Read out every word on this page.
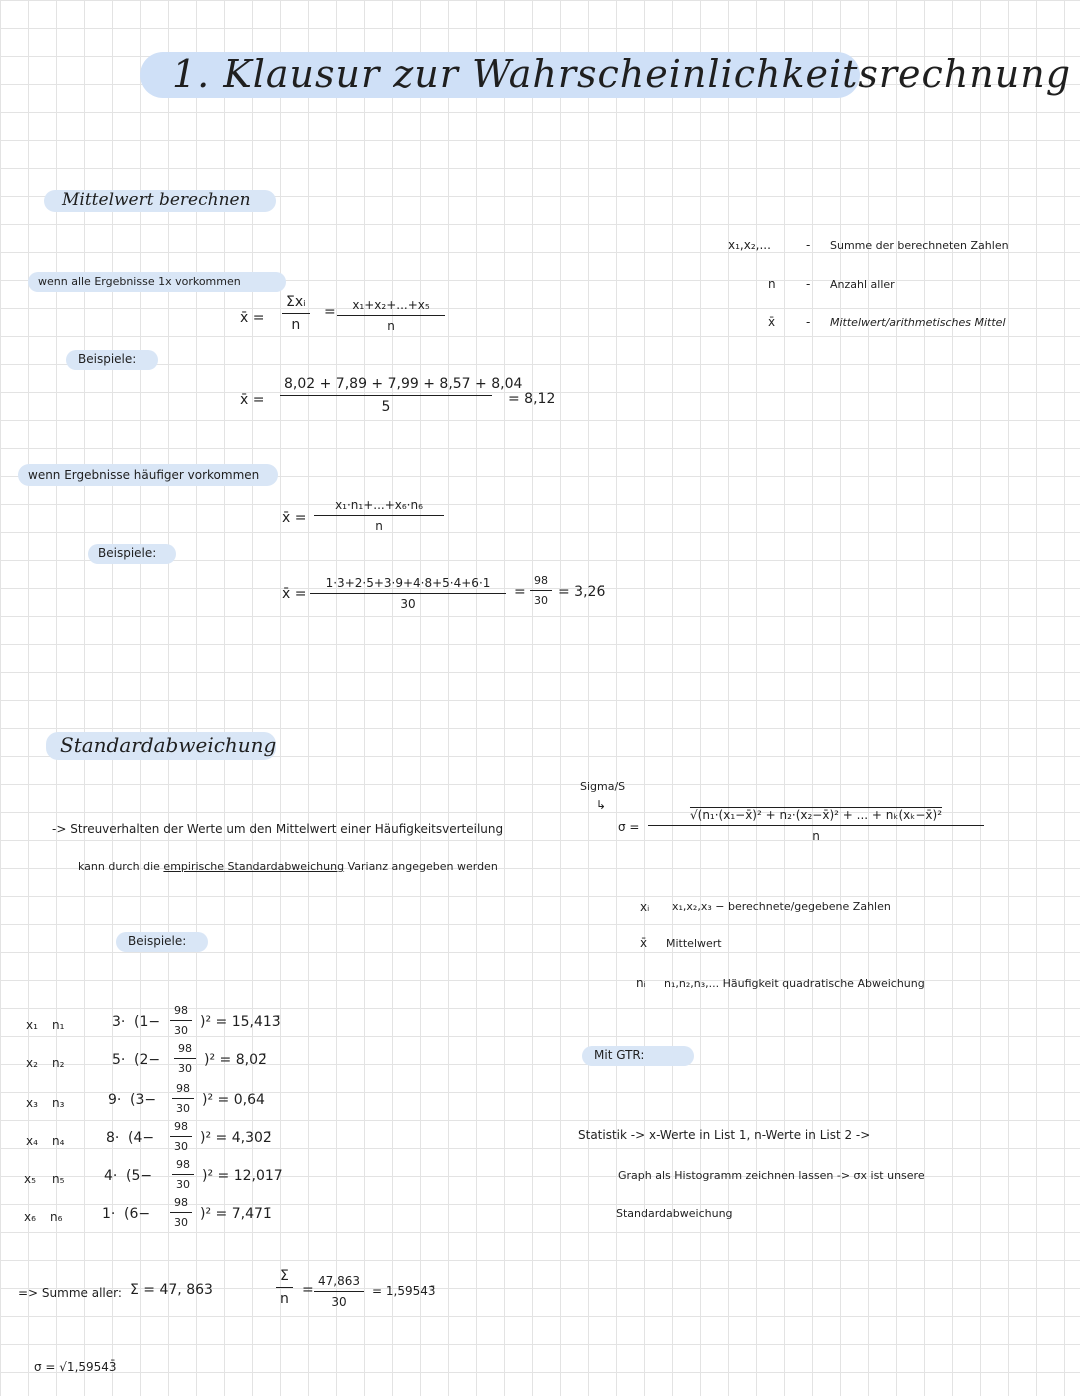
1. Klausur zur Wahrscheinlichkeitsrechnung
Mittelwert berechnen
x₁,x₂,...	- Summe der berechneten Zahlen
n	- Anzahl aller
x̄	- Mittelwert/arithmetisches Mittel
wenn alle Ergebnisse 1x vorkommen
x̄ =
Σxᵢ
n
= $\frac{\text{x₁+x₂+...+x₅}}{n}$
Beispiele:
x̄ = $\frac{8,02 + 7,89 + 7,99 + 8,57 + 8,04}{5} = 8,12$
wenn Ergebnisse häufiger vorkommen
x̄ = $\frac{\text{x₁·n₁+...+x₆·n₆}}{n}$
Beispiele:
x̄ = $\frac{1\cdot 3+2\cdot 5+3\cdot 9+4\cdot 8+5\cdot 4+6\cdot 1}{30} = \frac{98}{30}$ = 3,26̄
Standardabweichung
-> Streuverhalten der Werte um den Mittelwert einer Häufigkeitsverteilung
kann durch die empirische Standardabweichung Varianz angegeben werden
Sigma/S
↳
$\sigma = \frac{\text{√(n₁·(x₁−x̄)² + n₂·(x₂−x̄)² + ... + nₖ(xₖ−x̄)²}}{n}$
xᵢ x₁,x₂,x₃ − berechnete/gegebene Zahlen
x̄ Mittelwert
nᵢ n₁,n₂,n₃,... Häufigkeit quadratische Abweichung
Beispiele:
x₁ n₁	$3\cdot (1- \frac{98}{30} )^2$ = 15,413̄
x₂ n₂	$5\cdot (2- \frac{98}{30} )^2$ = 8,02̄
x₃ n₃	$9\cdot (3- \frac{98}{30} )^2 = 0,64$
x₄ n₄	$8\cdot (4- \frac{98}{30} )^2$ = 4,302̄
x₅ n₅	$4\cdot (5- \frac{98}{30} )^2$ = 12,017̄
x₆ n₆	$1\cdot (6- \frac{98}{30} )^2$ = 7,471̄
=> Summe aller: Σ = 47, 863	$\frac{\Sigma}{n} = \frac{47,863}{30}$ = 1,59543̄
σ = √1,59543̄
Mit GTR:
Statistik -> x-Werte in List 1, n-Werte in List 2 ->
Graph als Histogramm zeichnen lassen -> σx ist unsere
Standardabweichung
